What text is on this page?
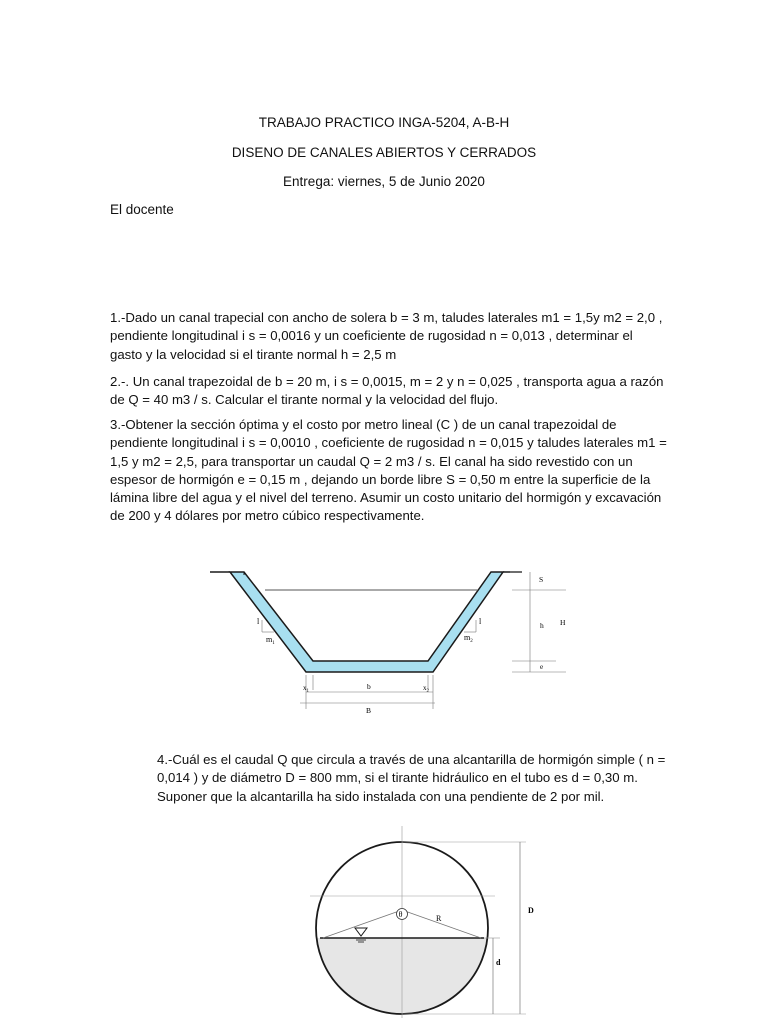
TRABAJO PRACTICO INGA-5204, A-B-H
DISENO DE CANALES ABIERTOS Y CERRADOS
Entrega: viernes, 5 de Junio 2020
El docente
1.-Dado un canal trapecial con ancho de solera b = 3 m, taludes laterales m1 = 1,5y m2 = 2,0 ,
pendiente longitudinal i s = 0,0016 y un coeficiente de rugosidad n = 0,013 , determinar el
gasto y la velocidad si el tirante normal h = 2,5 m
2.-. Un canal trapezoidal de b = 20 m, i s = 0,0015, m = 2 y n = 0,025 , transporta agua a razón
de Q = 40 m3 / s. Calcular el tirante normal y la velocidad del flujo.
3.-Obtener la sección óptima y el costo por metro lineal (C ) de un canal trapezoidal de
pendiente longitudinal i s = 0,0010 , coeficiente de rugosidad n = 0,015 y taludes laterales m1 =
1,5 y m2 = 2,5, para transportar un caudal Q = 2 m3 / s. El canal ha sido revestido con un
espesor de hormigón e = 0,15 m , dejando un borde libre S = 0,50 m entre la superficie de la
lámina libre del agua y el nivel del terreno. Asumir un costo unitario del hormigón y excavación
de 200 y 4 dólares por metro cúbico respectivamente.
l
$m_1$
l
$m_2$
S
h H
e
$x_1$
b	$x_2$
B
4.-Cuál es el caudal Q que circula a través de una alcantarilla de hormigón simple ( n =
0,014 ) y de diámetro D = 800 mm, si el tirante hidráulico en el tubo es d = 0,30 m.
Suponer que la alcantarilla ha sido instalada con una pendiente de 2 por mil.
θ	R
D
d
